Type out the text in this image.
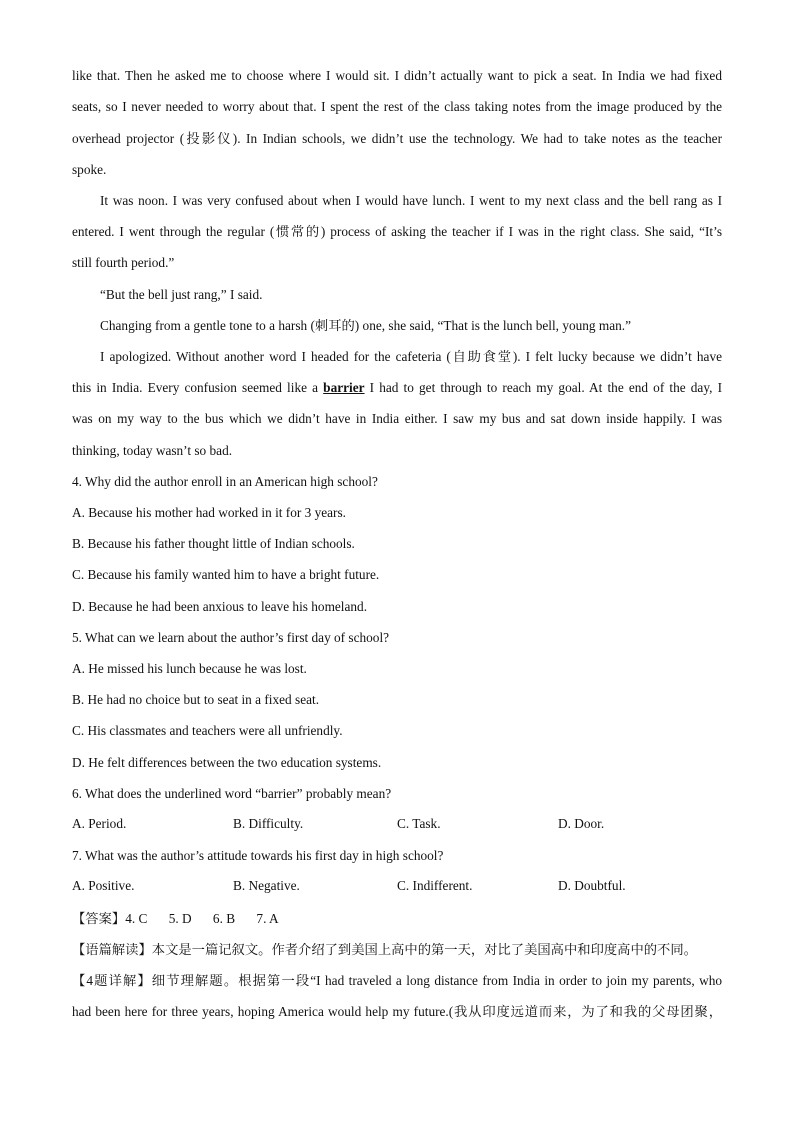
like that. Then he asked me to choose where I would sit. I didn’t actually want to pick a seat. In India we had fixed
seats, so I never needed to worry about that. I spent the rest of the class taking notes from the image produced by the
overhead projector (投影仪). In Indian schools, we didn’t use the technology. We had to take notes as the teacher
spoke.
It was noon. I was very confused about when I would have lunch. I went to my next class and the bell rang as I
entered. I went through the regular (惯常的) process of asking the teacher if I was in the right class. She said, “It’s
still fourth period.”
“But the bell just rang,” I said.
Changing from a gentle tone to a harsh (刺耳的) one, she said, “That is the lunch bell, young man.”
I apologized. Without another word I headed for the cafeteria (自助食堂). I felt lucky because we didn’t have
this in India. Every confusion seemed like a barrier I had to get through to reach my goal. At the end of the day, I
was on my way to the bus which we didn’t have in India either. I saw my bus and sat down inside happily. I was
thinking, today wasn’t so bad.
4. Why did the author enroll in an American high school?
A. Because his mother had worked in it for 3 years.
B. Because his father thought little of Indian schools.
C. Because his family wanted him to have a bright future.
D. Because he had been anxious to leave his homeland.
5. What can we learn about the author’s first day of school?
A. He missed his lunch because he was lost.
B. He had no choice but to seat in a fixed seat.
C. His classmates and teachers were all unfriendly.
D. He felt differences between the two education systems.
6. What does the underlined word “barrier” probably mean?
A. Period.	B. Difficulty.	C. Task.	D. Door.
7. What was the author’s attitude towards his first day in high school?
A. Positive.	B. Negative.	C. Indifferent.	D. Doubtful.
【答案】4. C 5. D 6. B 7. A
【语篇解读】本文是一篇记叙文。作者介绍了到美国上高中的第一天，对比了美国高中和印度高中的不同。
【4题详解】细节理解题。根据第一段“I had traveled a long distance from India in order to join my parents, who
had been here for three years, hoping America would help my future.(我从印度远道而来，为了和我的父母团聚，
